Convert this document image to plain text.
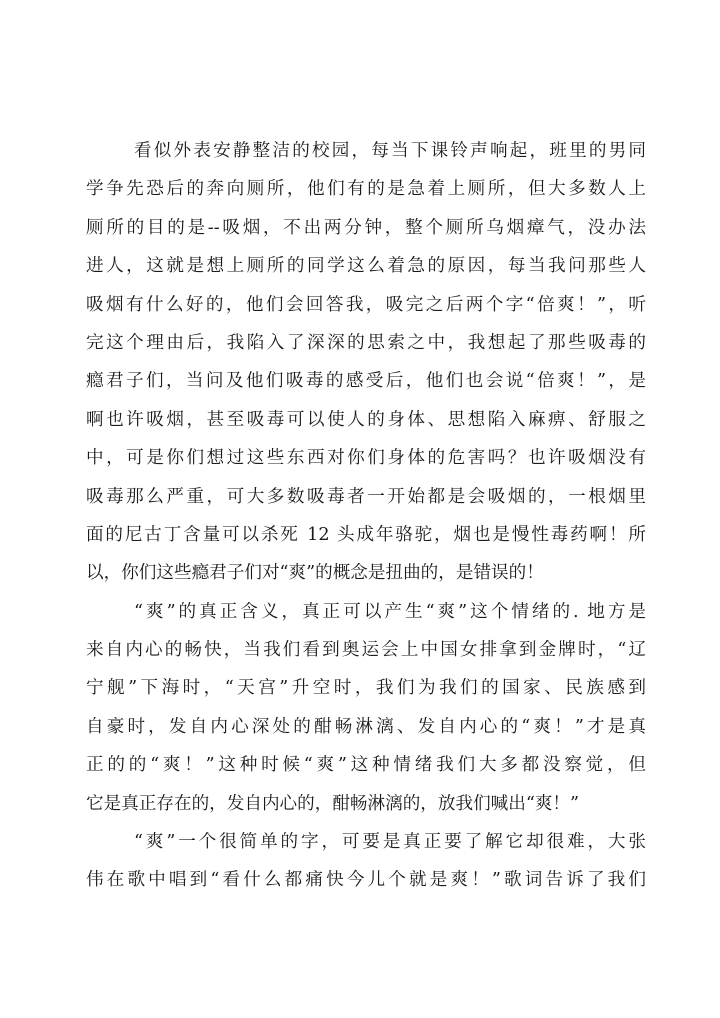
看似外表安静整洁的校园，每当下课铃声响起，班里的男同
学争先恐后的奔向厕所，他们有的是急着上厕所，但大多数人上
厕所的目的是--吸烟，不出两分钟，整个厕所乌烟瘴气，没办法
进人，这就是想上厕所的同学这么着急的原因，每当我问那些人
吸烟有什么好的，他们会回答我，吸完之后两个字“倍爽！”，听
完这个理由后，我陷入了深深的思索之中，我想起了那些吸毒的
瘾君子们，当问及他们吸毒的感受后，他们也会说“倍爽！”，是
啊也许吸烟，甚至吸毒可以使人的身体、思想陷入麻痹、舒服之
中，可是你们想过这些东西对你们身体的危害吗？也许吸烟没有
吸毒那么严重，可大多数吸毒者一开始都是会吸烟的，一根烟里
面的尼古丁含量可以杀死 12 头成年骆驼，烟也是慢性毒药啊！所
以，你们这些瘾君子们对“爽”的概念是扭曲的，是错误的！
“爽”的真正含义，真正可以产生“爽”这个情绪的. 地方是
来自内心的畅快，当我们看到奥运会上中国女排拿到金牌时，“辽
宁舰”下海时，“天宫”升空时，我们为我们的国家、民族感到
自豪时，发自内心深处的酣畅淋漓、发自内心的“爽！”才是真
正的的“爽！”这种时候“爽”这种情绪我们大多都没察觉，但
它是真正存在的，发自内心的，酣畅淋漓的，放我们喊出“爽！”
“爽”一个很简单的字，可要是真正要了解它却很难，大张
伟在歌中唱到“看什么都痛快今儿个就是爽！”歌词告诉了我们
